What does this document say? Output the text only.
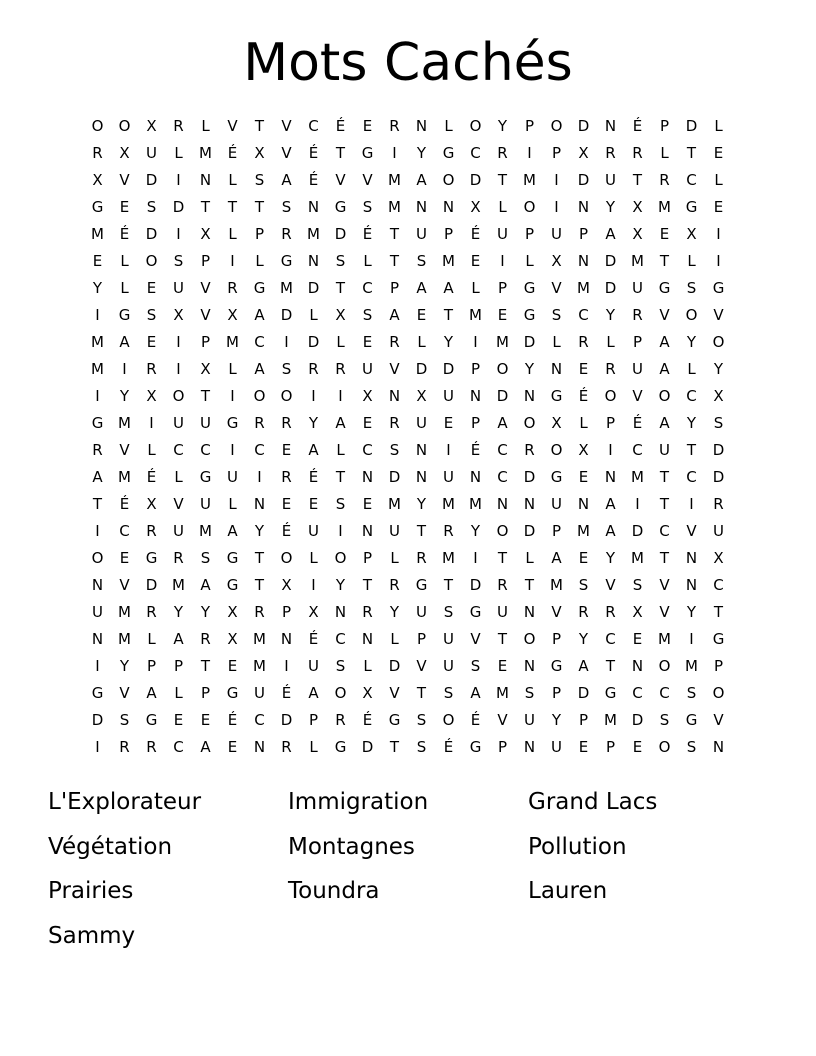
Mots Cachés
O	O	X	R	L	V	T	V	C	É	E	R	N	L	O	Y	P	O	D	N	É	P	D	L
R	X	U	L	M	É	X	V	É	T	G	I	Y	G	C	R	I	P	X	R	R	L	T	E
X	V	D	I	N	L	S	A	É	V	V	M	A	O	D	T	M	I	D	U	T	R	C	L
G	E	S	D	T	T	T	S	N	G	S	M N	N	X	L	O	I	N	Y	X	M G	E
M	É	D	I	X	L	P	R	M D	É	T	U	P	É	U	P	U	P	A	X	E	X	I
E	L	O	S	P	I	L	G	N	S	L	T	S	M	E	I	L	X	N	D M	T	L	I
Y	L	E	U	V	R	G M D	T	C	P	A	A	L	P	G	V	M D	U	G	S	G
I	G	S	X	V	X	A	D	L	X	S	A	E	T	M	E	G	S	C	Y	R	V	O	V
M	A	E	I	P	M	C	I	D	L	E	R	L	Y	I	M D	L	R	L	P	A	Y	O
M	I	R	I	X	L	A	S	R	R	U	V	D	D	P	O	Y	N	E	R	U	A	L	Y
I	Y	X	O	T	I	O	O	I	I	X	N	X	U	N	D	N	G	É	O	V	O	C	X
G M	I	U	U	G	R	R	Y	A	E	R	U	E	P	A	O	X	L	P	É	A	Y	S
R	V	L	C	C	I	C	E	A	L	C	S	N	I	É	C	R	O	X	I	C	U	T	D
A	M	É	L	G	U	I	R	É	T	N	D	N	U	N	C	D	G	E	N M	T	C	D
T	É	X	V	U	L	N	E	E	S	E	M	Y	M M N	N	U	N	A	I	T	I	R
I	C	R	U	M	A	Y	É	U	I	N	U	T	R	Y	O	D	P	M	A	D	C	V	U
O	E	G	R	S	G	T	O	L	O	P	L	R	M	I	T	L	A	E	Y	M	T	N	X
N	V	D M	A	G	T	X	I	Y	T	R	G	T	D	R	T	M	S	V	S	V	N	C
U	M	R	Y	Y	X	R	P	X	N	R	Y	U	S	G	U	N	V	R	R	X	V	Y	T
N M	L	A	R	X	M N	É	C	N	L	P	U	V	T	O	P	Y	C	E	M	I	G
I	Y	P	P	T	E	M	I	U	S	L	D	V	U	S	E	N	G	A	T	N	O M	P
G	V	A	L	P	G	U	É	A	O	X	V	T	S	A	M	S	P	D	G	C	C	S	O
D	S	G	E	E	É	C	D	P	R	É	G	S	O	É	V	U	Y	P	M D	S	G	V
I	R	R	C	A	E	N	R	L	G	D	T	S	É	G	P	N	U	E	P	E	O	S	N
L'Explorateur	Immigration	Grand Lacs
Végétation	Montagnes	Pollution
Prairies	Toundra	Lauren
Sammy
